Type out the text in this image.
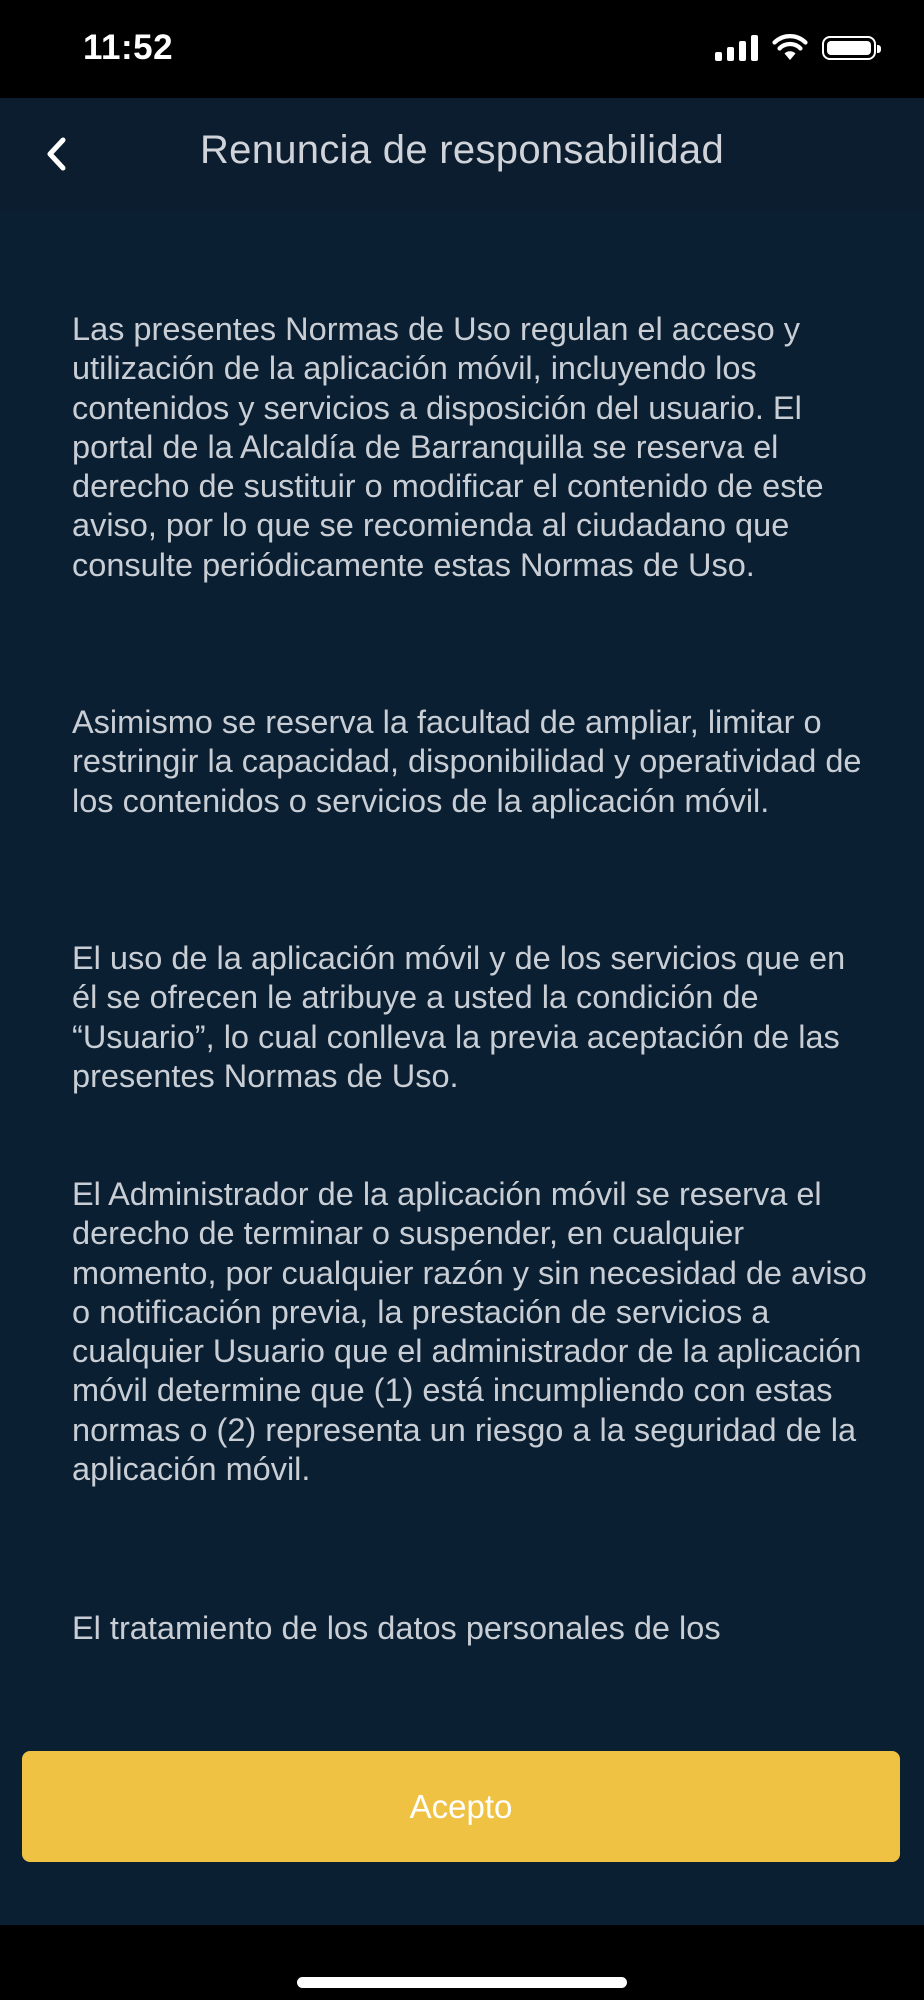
11:52
Renuncia de responsabilidad

Las presentes Normas de Uso regulan el acceso y utilización de la aplicación móvil, incluyendo los contenidos y servicios a disposición del usuario. El portal de la Alcaldía de Barranquilla se reserva el derecho de sustituir o modificar el contenido de este aviso, por lo que se recomienda al ciudadano que consulte periódicamente estas Normas de Uso.

Asimismo se reserva la facultad de ampliar, limitar o restringir la capacidad, disponibilidad y operatividad de los contenidos o servicios de la aplicación móvil.

El uso de la aplicación móvil y de los servicios que en él se ofrecen le atribuye a usted la condición de “Usuario”, lo cual conlleva la previa aceptación de las presentes Normas de Uso.

El Administrador de la aplicación móvil se reserva el derecho de terminar o suspender, en cualquier momento, por cualquier razón y sin necesidad de aviso o notificación previa, la prestación de servicios a cualquier Usuario que el administrador de la aplicación móvil determine que (1) está incumpliendo con estas normas o (2) representa un riesgo a la seguridad de la aplicación móvil.

El tratamiento de los datos personales de los

Acepto
